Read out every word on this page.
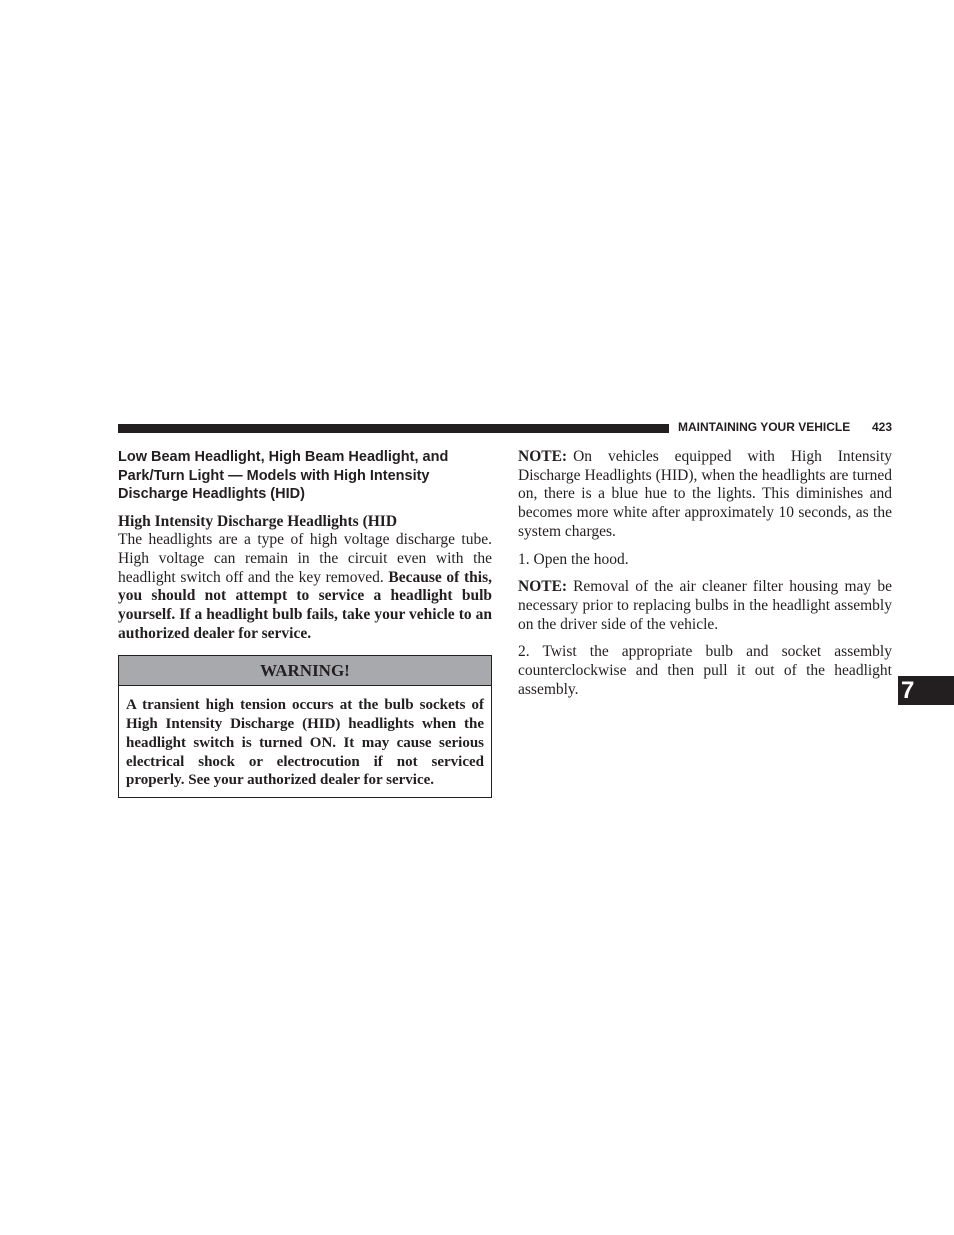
MAINTAINING YOUR VEHICLE 423
7
Low Beam Headlight, High Beam Headlight, and
Park/Turn Light — Models with High Intensity
Discharge Headlights (HID)

High Intensity Discharge Headlights (HID

The headlights are a type of high voltage discharge tube. High voltage can remain in the circuit even with the headlight switch off and the key removed. Because of this, you should not attempt to service a headlight bulb yourself. If a headlight bulb fails, take your vehicle to an authorized dealer for service.

WARNING!
A transient high tension occurs at the bulb sockets of High Intensity Discharge (HID) headlights when the headlight switch is turned ON. It may cause serious electrical shock or electrocution if not serviced properly. See your authorized dealer for service.

NOTE: On vehicles equipped with High Intensity Discharge Headlights (HID), when the headlights are turned on, there is a blue hue to the lights. This diminishes and becomes more white after approximately 10 seconds, as the system charges.

1. Open the hood.

NOTE: Removal of the air cleaner filter housing may be necessary prior to replacing bulbs in the headlight assembly on the driver side of the vehicle.

2. Twist the appropriate bulb and socket assembly counterclockwise and then pull it out of the headlight assembly.
